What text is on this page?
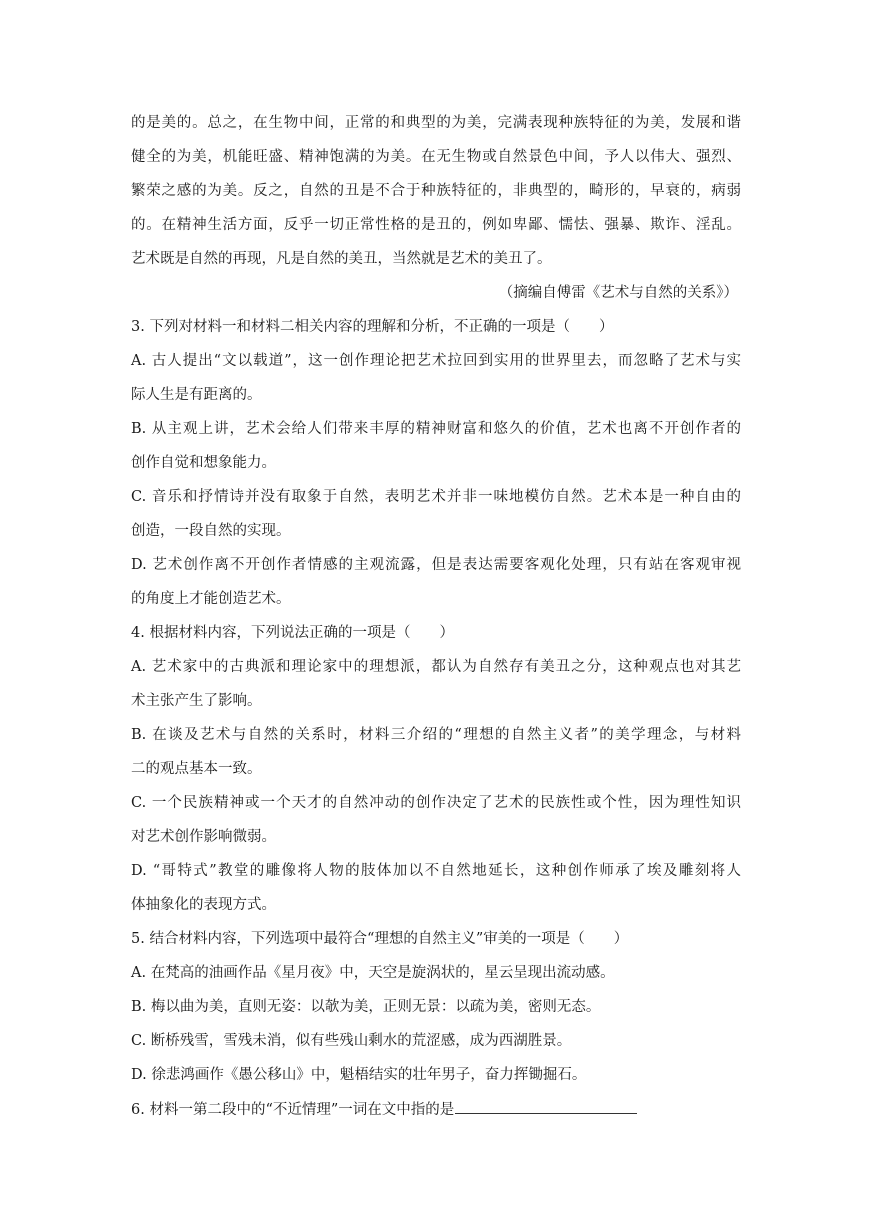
的是美的。总之，在生物中间，正常的和典型的为美，完满表现种族特征的为美，发展和谐
健全的为美，机能旺盛、精神饱满的为美。在无生物或自然景色中间，予人以伟大、强烈、
繁荣之感的为美。反之，自然的丑是不合于种族特征的，非典型的，畸形的，早衰的，病弱
的。在精神生活方面，反乎一切正常性格的是丑的，例如卑鄙、懦怯、强暴、欺诈、淫乱。
艺术既是自然的再现，凡是自然的美丑，当然就是艺术的美丑了。
（摘编自傅雷《艺术与自然的关系》）
3. 下列对材料一和材料二相关内容的理解和分析，不正确的一项是（　　）
A. 古人提出“文以载道”，这一创作理论把艺术拉回到实用的世界里去，而忽略了艺术与实
际人生是有距离的。
B. 从主观上讲，艺术会给人们带来丰厚的精神财富和悠久的价值，艺术也离不开创作者的
创作自觉和想象能力。
C. 音乐和抒情诗并没有取象于自然，表明艺术并非一味地模仿自然。艺术本是一种自由的
创造，一段自然的实现。
D. 艺术创作离不开创作者情感的主观流露，但是表达需要客观化处理，只有站在客观审视
的角度上才能创造艺术。
4. 根据材料内容，下列说法正确的一项是（　　）
A. 艺术家中的古典派和理论家中的理想派，都认为自然存有美丑之分，这种观点也对其艺
术主张产生了影响。
B. 在谈及艺术与自然的关系时，材料三介绍的“理想的自然主义者”的美学理念，与材料
二的观点基本一致。
C. 一个民族精神或一个天才的自然冲动的创作决定了艺术的民族性或个性，因为理性知识
对艺术创作影响微弱。
D. “哥特式”教堂的雕像将人物的肢体加以不自然地延长，这种创作师承了埃及雕刻将人
体抽象化的表现方式。
5. 结合材料内容，下列选项中最符合“理想的自然主义”审美的一项是（　　）
A. 在梵高的油画作品《星月夜》中，天空是旋涡状的，星云呈现出流动感。
B. 梅以曲为美，直则无姿：以欹为美，正则无景：以疏为美，密则无态。
C. 断桥残雪，雪残未消，似有些残山剩水的荒涩感，成为西湖胜景。
D. 徐悲鸿画作《愚公移山》中，魁梧结实的壮年男子，奋力挥锄掘石。
6. 材料一第二段中的“不近情理”一词在文中指的是
